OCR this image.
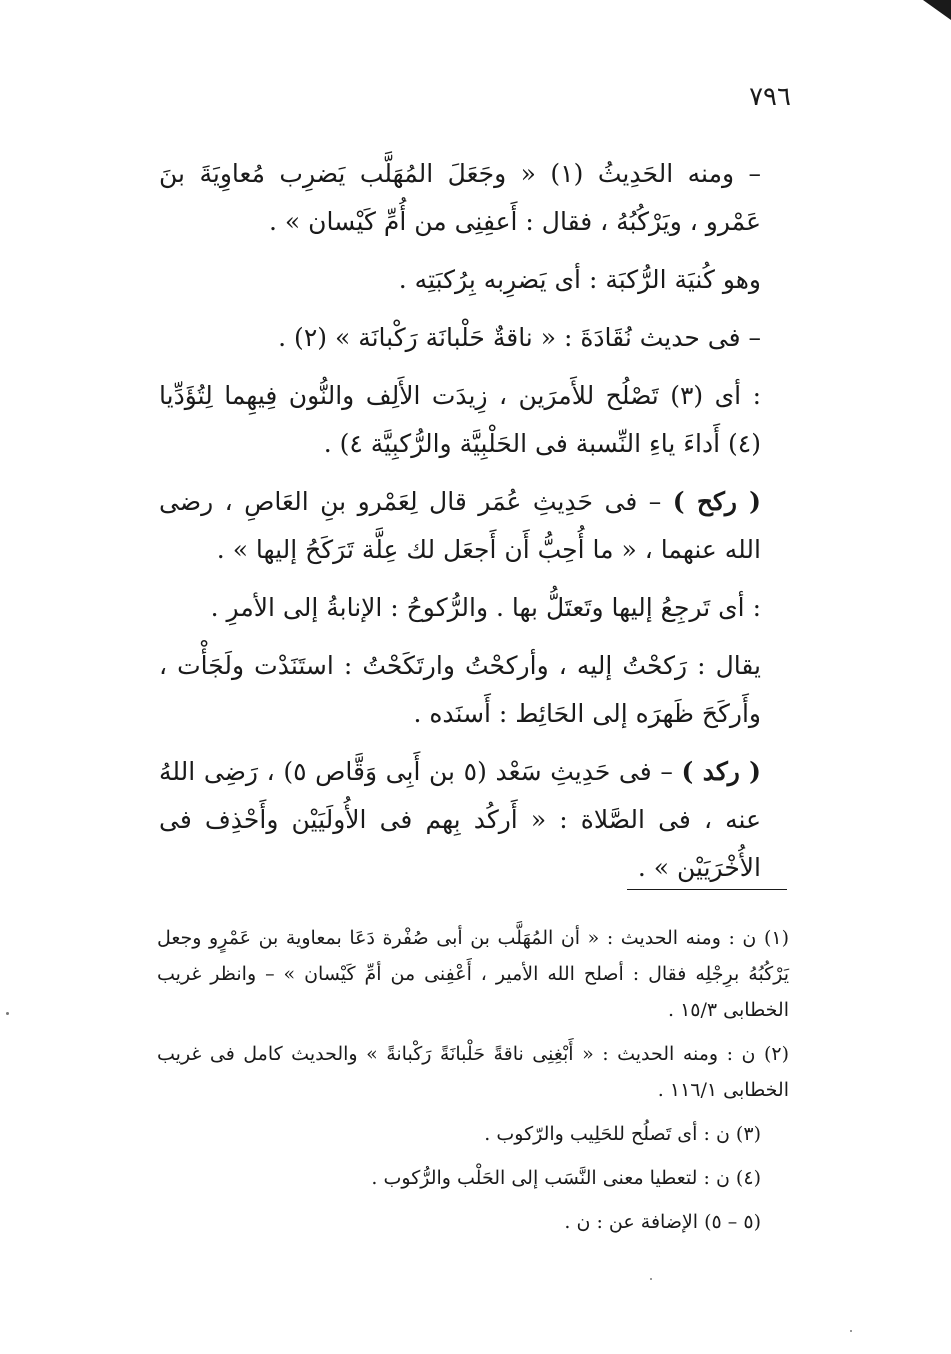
٧٩٦

– ومنه الحَدِيثُ (١) « وجَعَلَ المُهَلَّب يَضرِب مُعاوِيَةَ بنَ عَمْرو ، ويَرْكُبُهُ ، فقال : أَعفِنِى من أُمِّ كَيْسان » .

وهو كُنيَة الرُّكبَة : أى يَضرِبه بِرُكبَتِه .

– فى حديث نُقَادَةَ : « ناقةٌ حَلْبانَة رَكْبانَة » (٢) .

: أى (٣) تَصْلُح للأَمرَين ، زِيدَت الأَلِف والنُّون فِيهِما لِتُؤَدِّيا (٤) أَداءَ ياءِ النِّسبة فى الحَلْبِيَّة والرُّكبِيَّة ٤) .

( ركح ) – فى حَدِيثِ عُمَر قال لِعَمْرو بنِ العَاصِ ، رضى الله عنهما ، « ما أُحِبُّ أَن أَجعَل لك عِلَّة تَرَكَحُ إليها » .

: أى تَرجِعُ إليها وتَعتَلُّ بها . والرُّكوحُ : الإنابةُ إلى الأمرِ .

يقال : رَكحْتُ إليه ، وأركحْتُ وارتَكَحْتُ : استَنَدْت ولَجَأْت ، وأَركَحَ ظَهرَه إلى الحَائِط : أَسنَده .

( ركد ) – فى حَدِيثِ سَعْد (٥ بن أَبِى وَقَّاص ٥) ، رَضِى اللهُ عنه ، فى الصَّلاة : « أَركُد بِهم فى الأُولَيَيْن وأَحْذِف فى الأُخْرَيَيْن » .

(١) ن : ومنه الحديث : « أن المُهَلَّب بن أبى صُفْرة دَعَا بمعاوية بن عَمْرٍو وجعل يَرْكُبُهُ برِجْلِه فقال : أصلح الله الأمير ، أَعْفِنى من أمِّ كَيْسان » – وانظر غريب الخطابى ١٥/٣ .

(٢) ن : ومنه الحديث : « أَبْغِنِى ناقةً حَلْبانَةً رَكْبانةً » والحديث كامل فى غريب الخطابى ١١٦/١ .

(٣) ن : أى تَصلُح للحَلِيب والرّكوب .

(٤) ن : لتعطيا معنى النَّسَب إلى الحَلْب والرُّكوب .

(٥ – ٥) الإضافة عن : ن .
